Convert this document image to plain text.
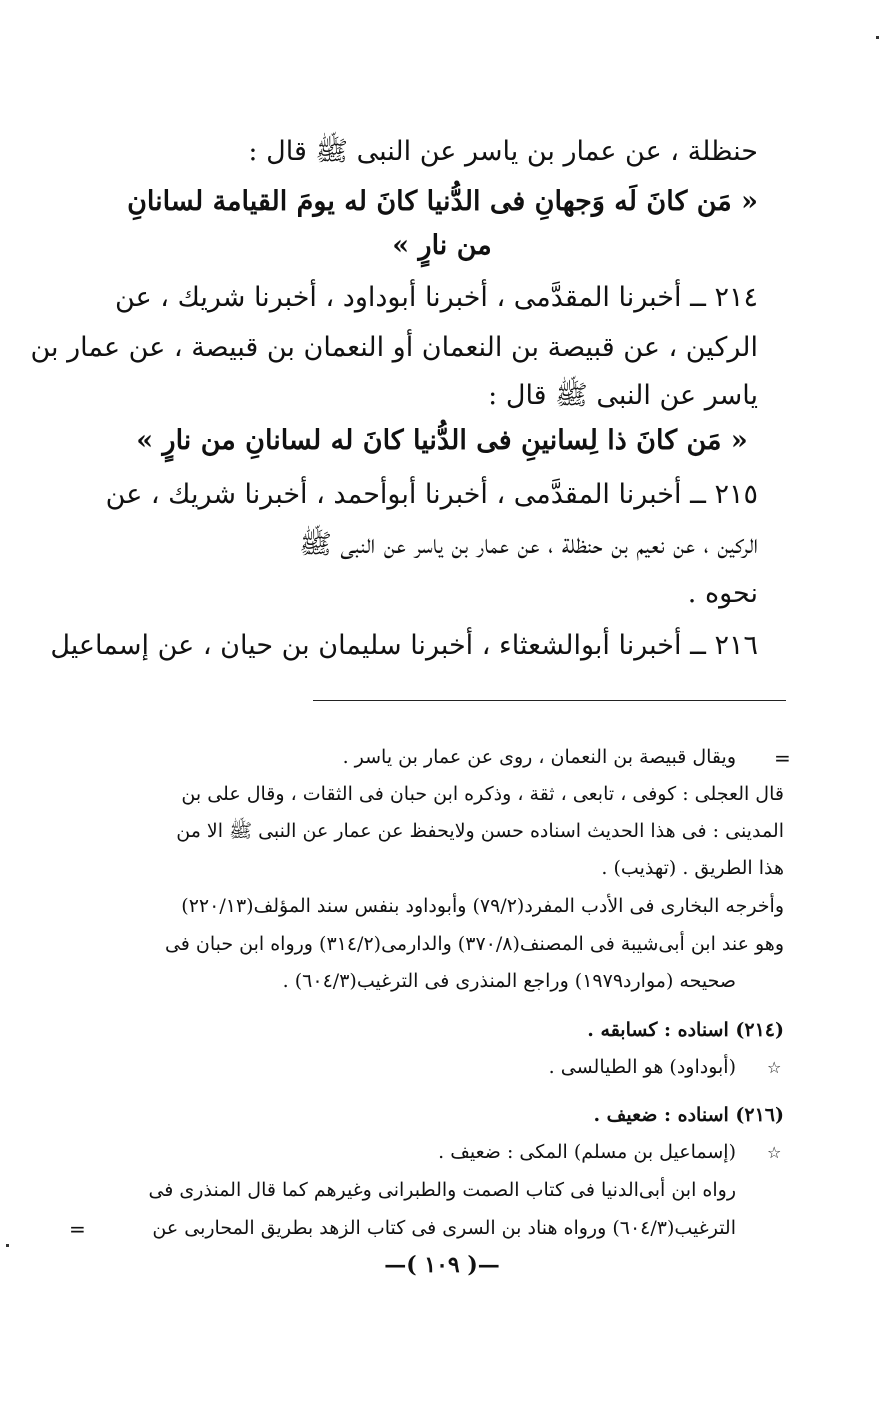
حنظلة ، عن عمار بن ياسر عن النبى ﷺ قال :
« مَن كانَ لَه وَجهانِ فى الدُّنيا كانَ له يومَ القيامة لسانانِ
من نارٍ »
٢١٤ ــ أخبرنا المقدَّمى ، أخبرنا أبوداود ، أخبرنا شريك ، عن
الركين ، عن قبيصة بن النعمان أو النعمان بن قبيصة ، عن عمار بن
ياسر عن النبى ﷺ قال :
« مَن كانَ ذا لِسانينِ فى الدُّنيا كانَ له لسانانِ من نارٍ »
٢١٥ ــ أخبرنا المقدَّمى ، أخبرنا أبوأحمد ، أخبرنا شريك ، عن
الركين ، عن نعيم بن حنظلة ، عن عمار بن ياسر عن النبى ﷺ
نحوه .
٢١٦ ــ أخبرنا أبوالشعثاء ، أخبرنا سليمان بن حيان ، عن إسماعيل
=
ويقال قبيصة بن النعمان ، روى عن عمار بن ياسر .
قال العجلى : كوفى ، تابعى ، ثقة ، وذكره ابن حبان فى الثقات ، وقال على بن
المدينى : فى هذا الحديث اسناده حسن ولايحفظ عن عمار عن النبى ﷺ الا من
هذا الطريق . (تهذيب) .
وأخرجه البخارى فى الأدب المفرد(٧٩/٢) وأبوداود بنفس سند المؤلف(٢٢٠/١٣)
وهو عند ابن أبى‌شيبة فى المصنف(٣٧٠/٨) والدارمى(٣١٤/٢) ورواه ابن حبان فى
صحيحه (موارد١٩٧٩) وراجع المنذرى فى الترغيب(٦٠٤/٣) .
(٢١٤) اسناده : كسابقه .
☆
(أبوداود) هو الطيالسى .
(٢١٦) اسناده : ضعيف .
☆
(إسماعيل بن مسلم) المكى : ضعيف .
رواه ابن أبى‌الدنيا فى كتاب الصمت والطبرانى وغيرهم كما قال المنذرى فى
الترغيب(٦٠٤/٣) ورواه هناد بن السرى فى كتاب الزهد بطريق المحاربى عن
=
—( ١٠٩ )—
